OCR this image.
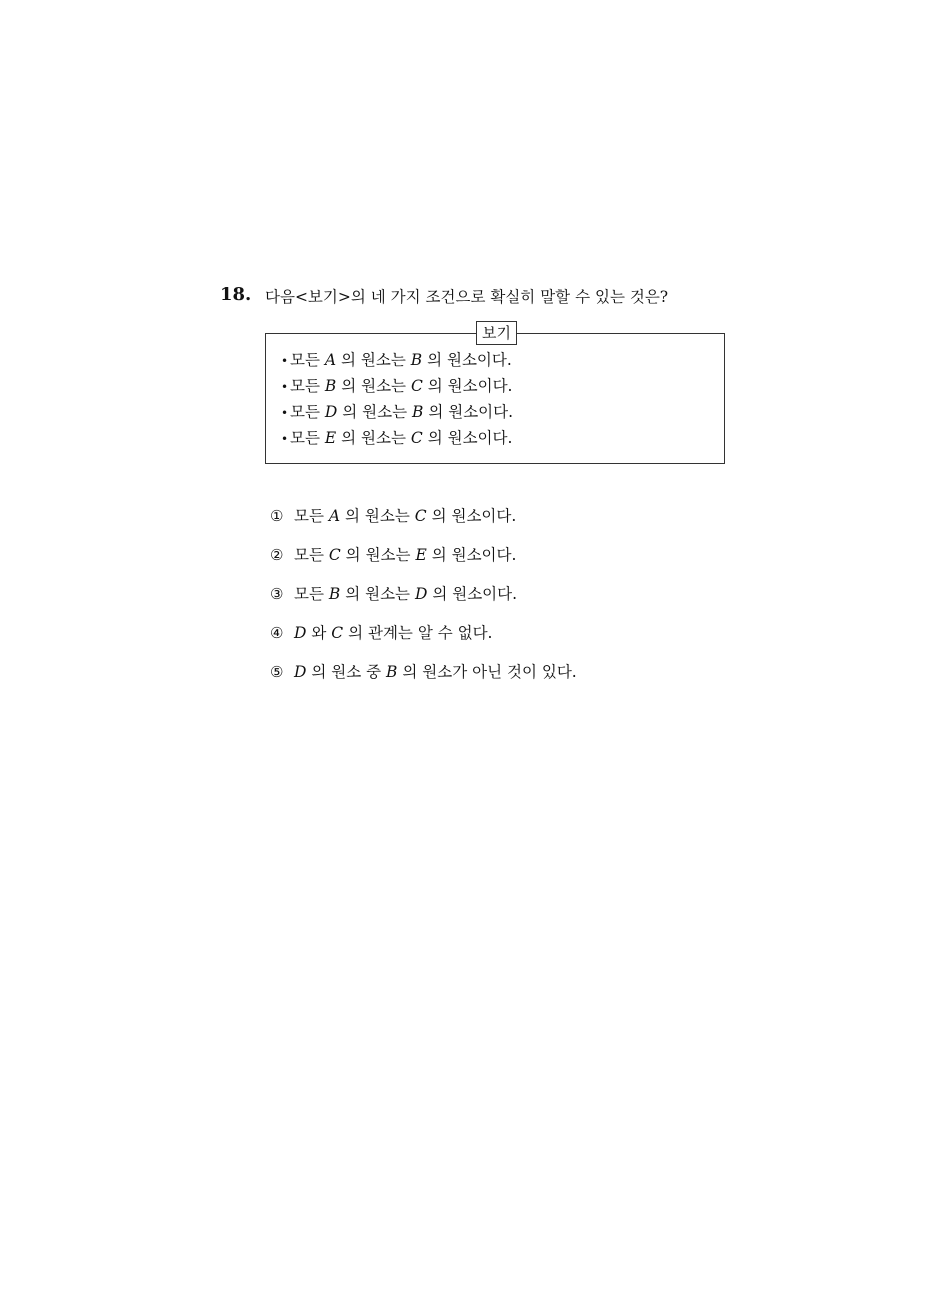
18. 다음<보기>의 네 가지 조건으로 확실히 말할 수 있는 것은?
보기
• 모든 A 의 원소는 B 의 원소이다.
• 모든 B 의 원소는 C 의 원소이다.
• 모든 D 의 원소는 B 의 원소이다.
• 모든 E 의 원소는 C 의 원소이다.
① 모든 A 의 원소는 C 의 원소이다.
② 모든 C 의 원소는 E 의 원소이다.
③ 모든 B 의 원소는 D 의 원소이다.
④ D 와 C 의 관계는 알 수 없다.
⑤ D 의 원소 중 B 의 원소가 아닌 것이 있다.
